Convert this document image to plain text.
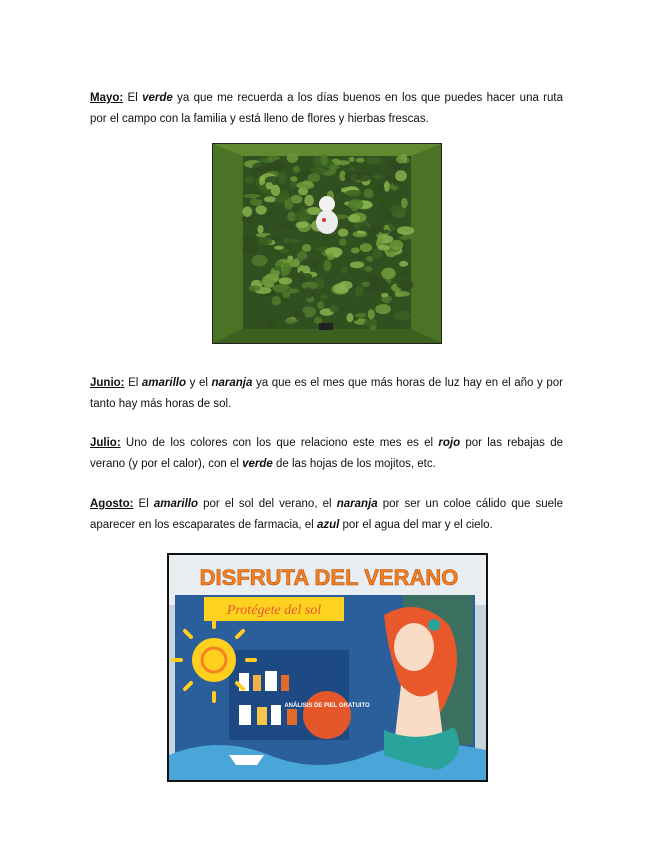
Mayo: El verde ya que me recuerda a los días buenos en los que puedes hacer una ruta por el campo con la familia y está lleno de flores y hierbas frescas.

Junio: El amarillo y el naranja ya que es el mes que más horas de luz hay en el año y por tanto hay más horas de sol.

Julio: Uno de los colores con los que relaciono este mes es el rojo por las rebajas de verano (y por el calor), con el verde de las hojas de los mojitos, etc.

Agosto: El amarillo por el sol del verano, el naranja por ser un coloe cálido que suele aparecer en los escaparates de farmacia, el azul por el agua del mar y el cielo.

DISFRUTA DEL VERANO
Protégete del sol
ANÁLISIS DE PIEL GRATUITO
